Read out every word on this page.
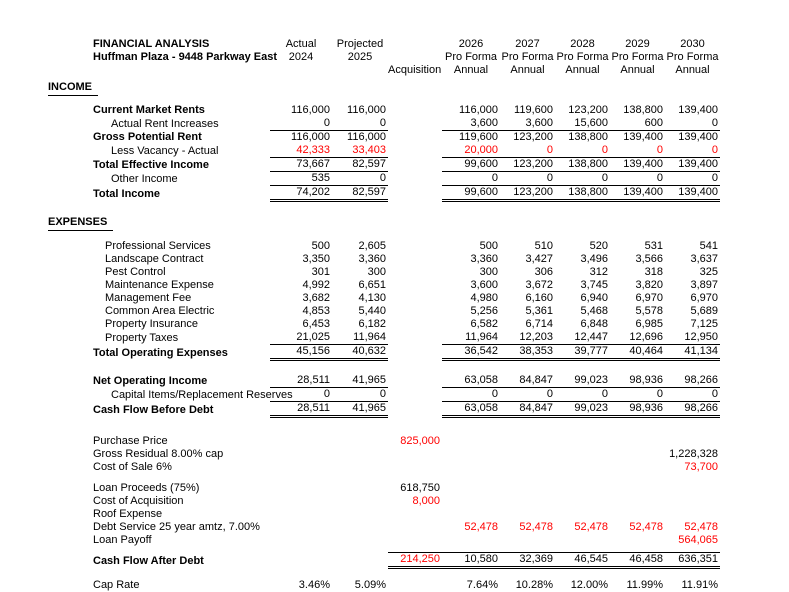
FINANCIAL ANALYSIS	Actual	Projected		2026	2027	2028	2029	2030
Huffman Plaza - 9448 Parkway East	2024	2025		Pro Forma	Pro Forma	Pro Forma	Pro Forma	Pro Forma
			Acquisition	Annual	Annual	Annual	Annual	Annual

INCOME								

Current Market Rents	116,000	116,000		116,000	119,600	123,200	138,800	139,400
Actual Rent Increases	0	0		3,600	3,600	15,600	600	0
Gross Potential Rent	116,000	116,000		119,600	123,200	138,800	139,400	139,400
Less Vacancy - Actual	42,333	33,403		20,000	0	0	0	0
Total Effective Income	73,667	82,597		99,600	123,200	138,800	139,400	139,400
Other Income	535	0		0	0	0	0	0
Total Income	74,202	82,597		99,600	123,200	138,800	139,400	139,400

EXPENSES								

Professional Services	500	2,605		500	510	520	531	541
Landscape Contract	3,350	3,360		3,360	3,427	3,496	3,566	3,637
Pest Control	301	300		300	306	312	318	325
Maintenance Expense	4,992	6,651		3,600	3,672	3,745	3,820	3,897
Management Fee	3,682	4,130		4,980	6,160	6,940	6,970	6,970
Common Area Electric	4,853	5,440		5,256	5,361	5,468	5,578	5,689
Property Insurance	6,453	6,182		6,582	6,714	6,848	6,985	7,125
Property Taxes	21,025	11,964		11,964	12,203	12,447	12,696	12,950
Total Operating Expenses	45,156	40,632		36,542	38,353	39,777	40,464	41,134

Net Operating Income	28,511	41,965		63,058	84,847	99,023	98,936	98,266
Capital Items/Replacement Reserves	0	0		0	0	0	0	0
Cash Flow Before Debt	28,511	41,965		63,058	84,847	99,023	98,936	98,266

Purchase Price			825,000					
Gross Residual 8.00% cap								1,228,328
Cost of Sale 6%								73,700

Loan Proceeds (75%)			618,750					
Cost of Acquisition			8,000					
Roof Expense								
Debt Service 25 year amtz, 7.00%				52,478	52,478	52,478	52,478	52,478
Loan Payoff								564,065

Cash Flow After Debt			214,250	10,580	32,369	46,545	46,458	636,351

Cap Rate	3.46%	5.09%		7.64%	10.28%	12.00%	11.99%	11.91%
